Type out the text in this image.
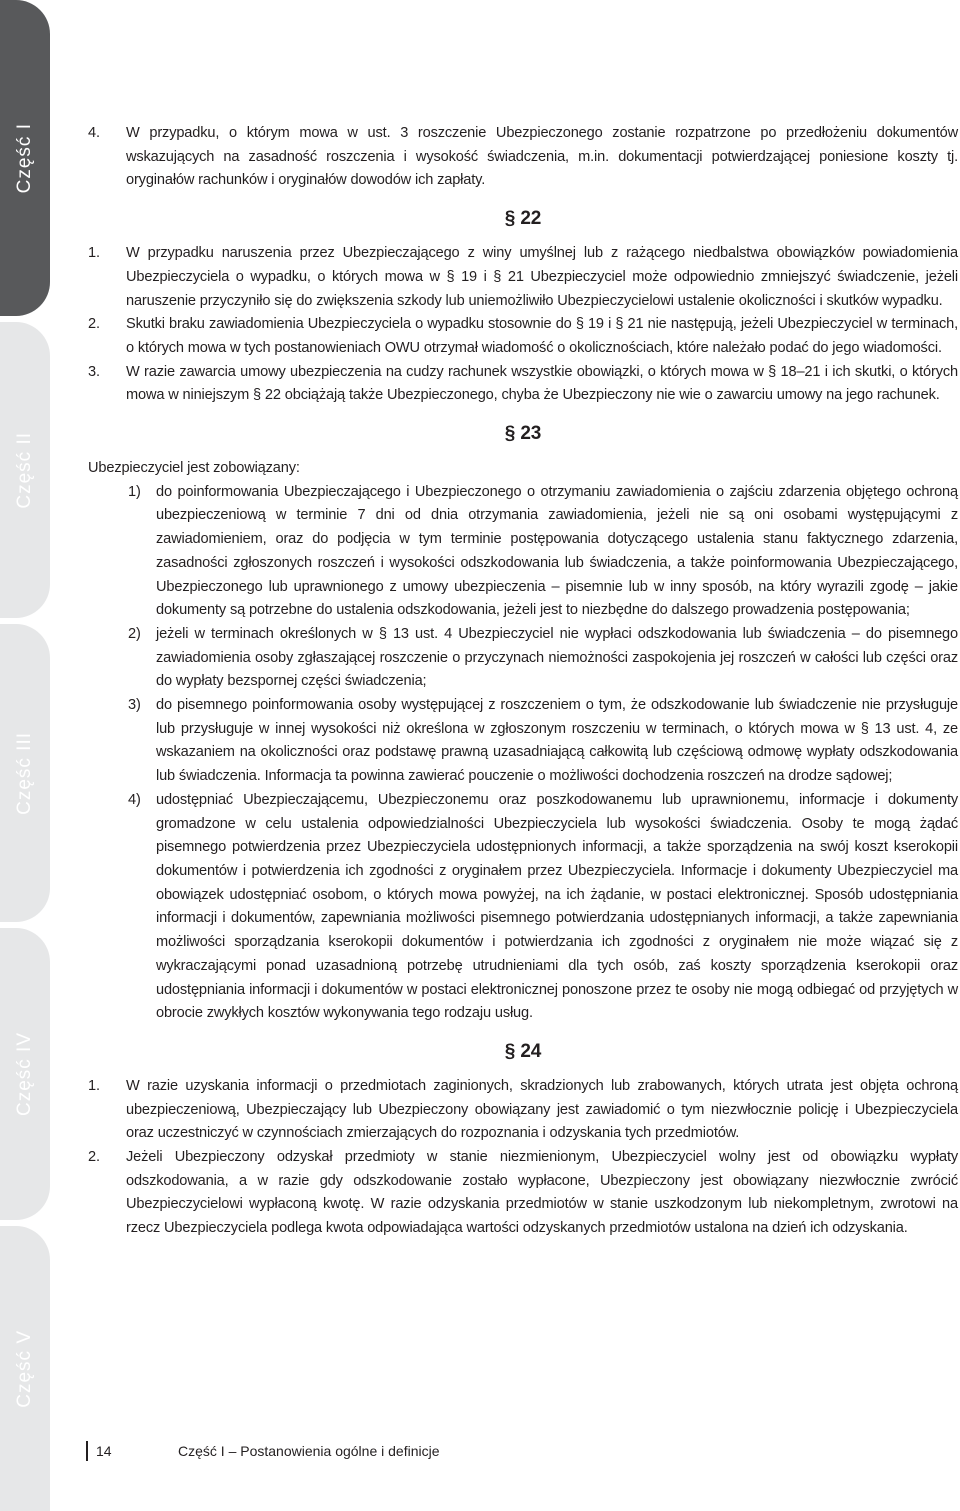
Część I
Część II
Część III
Część IV
Część V
4.	W przypadku, o którym mowa w ust. 3 roszczenie Ubezpieczonego zostanie rozpatrzone po przedłożeniu dokumentów wskazujących na zasadność roszczenia i wysokość świadczenia, m.in. dokumentacji potwierdzającej poniesione koszty tj. oryginałów rachunków i oryginałów dowodów ich zapłaty.
§ 22
1.	W przypadku naruszenia przez Ubezpieczającego z winy umyślnej lub z rażącego niedbalstwa obowiązków powiadomienia Ubezpieczyciela o wypadku, o których mowa w § 19 i § 21 Ubezpieczyciel może odpowiednio zmniejszyć świadczenie, jeżeli naruszenie przyczyniło się do zwiększenia szkody lub uniemożliwiło Ubezpieczycielowi ustalenie okoliczności i skutków wypadku.
2.	Skutki braku zawiadomienia Ubezpieczyciela o wypadku stosownie do § 19 i § 21 nie następują, jeżeli Ubezpieczyciel w terminach, o których mowa w tych postanowieniach OWU otrzymał wiadomość o okolicznościach, które należało podać do jego wiadomości.
3.	W razie zawarcia umowy ubezpieczenia na cudzy rachunek wszystkie obowiązki, o których mowa w § 18–21 i ich skutki, o których mowa w niniejszym § 22 obciążają także Ubezpieczonego, chyba że Ubezpieczony nie wie o zawarciu umowy na jego rachunek.
§ 23
Ubezpieczyciel jest zobowiązany:
1)	do poinformowania Ubezpieczającego i Ubezpieczonego o otrzymaniu zawiadomienia o zajściu zdarzenia objętego ochroną ubezpieczeniową w terminie 7 dni od dnia otrzymania zawiadomienia, jeżeli nie są oni osobami występującymi z zawiadomieniem, oraz do podjęcia w tym terminie postępowania dotyczącego ustalenia stanu faktycznego zdarzenia, zasadności zgłoszonych roszczeń i wysokości odszkodowania lub świadczenia, a także poinformowania Ubezpieczającego, Ubezpieczonego lub uprawnionego z umowy ubezpieczenia – pisemnie lub w inny sposób, na który wyrazili zgodę – jakie dokumenty są potrzebne do ustalenia odszkodowania, jeżeli jest to niezbędne do dalszego prowadzenia postępowania;
2)	jeżeli w terminach określonych w § 13 ust. 4 Ubezpieczyciel nie wypłaci odszkodowania lub świadczenia – do pisemnego zawiadomienia osoby zgłaszającej roszczenie o przyczynach niemożności zaspokojenia jej roszczeń w całości lub części oraz do wypłaty bezspornej części świadczenia;
3)	do pisemnego poinformowania osoby występującej z roszczeniem o tym, że odszkodowanie lub świadczenie nie przysługuje lub przysługuje w innej wysokości niż określona w zgłoszonym roszczeniu w terminach, o których mowa w § 13 ust. 4, ze wskazaniem na okoliczności oraz podstawę prawną uzasadniającą całkowitą lub częściową odmowę wypłaty odszkodowania lub świadczenia. Informacja ta powinna zawierać pouczenie o możliwości dochodzenia roszczeń na drodze sądowej;
4)	udostępniać Ubezpieczającemu, Ubezpieczonemu oraz poszkodowanemu lub uprawnionemu, informacje i dokumenty gromadzone w celu ustalenia odpowiedzialności Ubezpieczyciela lub wysokości świadczenia. Osoby te mogą żądać pisemnego potwierdzenia przez Ubezpieczyciela udostępnionych informacji, a także sporządzenia na swój koszt kserokopii dokumentów i potwierdzenia ich zgodności z oryginałem przez Ubezpieczyciela. Informacje i dokumenty Ubezpieczyciel ma obowiązek udostępniać osobom, o których mowa powyżej, na ich żądanie, w postaci elektronicznej. Sposób udostępniania informacji i dokumentów, zapewniania możliwości pisemnego potwierdzania udostępnianych informacji, a także zapewniania możliwości sporządzania kserokopii dokumentów i potwierdzania ich zgodności z oryginałem nie może wiązać się z wykraczającymi ponad uzasadnioną potrzebę utrudnieniami dla tych osób, zaś koszty sporządzenia kserokopii oraz udostępniania informacji i dokumentów w postaci elektronicznej ponoszone przez te osoby nie mogą odbiegać od przyjętych w obrocie zwykłych kosztów wykonywania tego rodzaju usług.
§ 24
1.	W razie uzyskania informacji o przedmiotach zaginionych, skradzionych lub zrabowanych, których utrata jest objęta ochroną ubezpieczeniową, Ubezpieczający lub Ubezpieczony obowiązany jest zawiadomić o tym niezwłocznie policję i Ubezpieczyciela oraz uczestniczyć w czynnościach zmierzających do rozpoznania i odzyskania tych przedmiotów.
2.	Jeżeli Ubezpieczony odzyskał przedmioty w stanie niezmienionym, Ubezpieczyciel wolny jest od obowiązku wypłaty odszkodowania, a w razie gdy odszkodowanie zostało wypłacone, Ubezpieczony jest obowiązany niezwłocznie zwrócić Ubezpieczycielowi wypłaconą kwotę. W razie odzyskania przedmiotów w stanie uszkodzonym lub niekompletnym, zwrotowi na rzecz Ubezpieczyciela podlega kwota odpowiadająca wartości odzyskanych przedmiotów ustalona na dzień ich odzyskania.
14	Część I – Postanowienia ogólne i definicje
